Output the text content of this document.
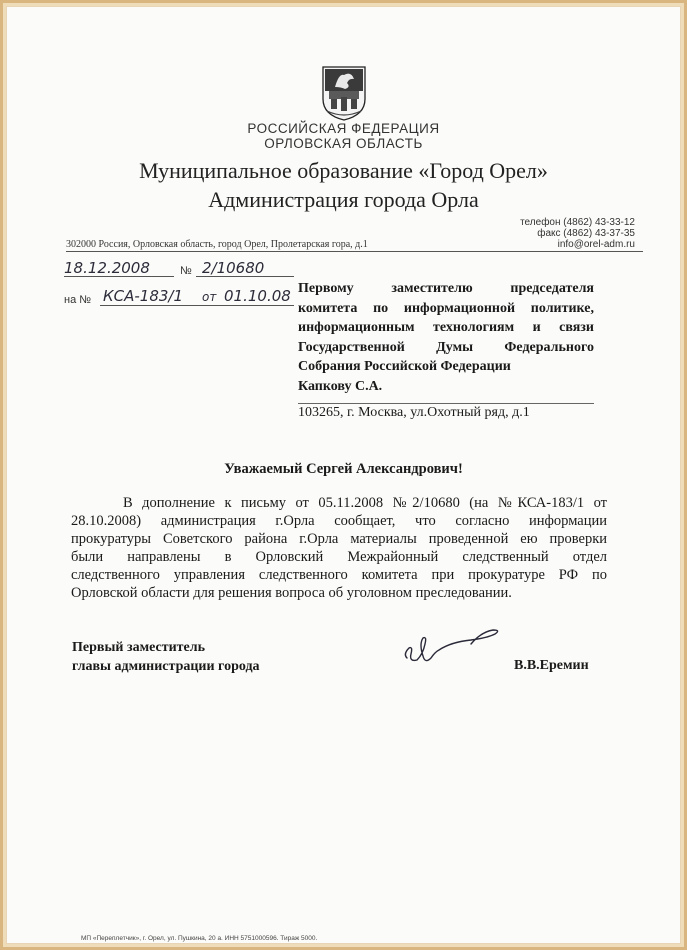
РОССИЙСКАЯ ФЕДЕРАЦИЯ
ОРЛОВСКАЯ ОБЛАСТЬ
Муниципальное образование «Город Орел»
Администрация города Орла
телефон (4862) 43-33-12
факс (4862) 43-37-35
info@orel-adm.ru
302000 Россия, Орловская область, город Орел, Пролетарская гора, д.1
18.12.2008	№ 2/10680
на № КСА-183/1 от 01.10.08 Первому заместителю председателя
комитета по информационной политике,
информационным технологиям и связи
Государственной Думы Федерального
Собрания Российской Федерации
Капкову С.А.
103265, г. Москва, ул.Охотный ряд, д.1
Уважаемый Сергей Александрович!
В дополнение к письму от 05.11.2008 №2/10680 (на №КСА-183/1 от
28.10.2008) администрация г.Орла сообщает, что согласно информации
прокуратуры Советского района г.Орла материалы проведенной ею проверки
были направлены в Орловский Межрайонный следственный отдел
следственного управления следственного комитета при прокуратуре РФ по
Орловской области для решения вопроса об уголовном преследовании.
Первый заместитель
главы администрации города	В.В.Еремин
МП «Переплетчик», г. Орел, ул. Пушкина, 20 а. ИНН 5751000596. Тираж 5000.
